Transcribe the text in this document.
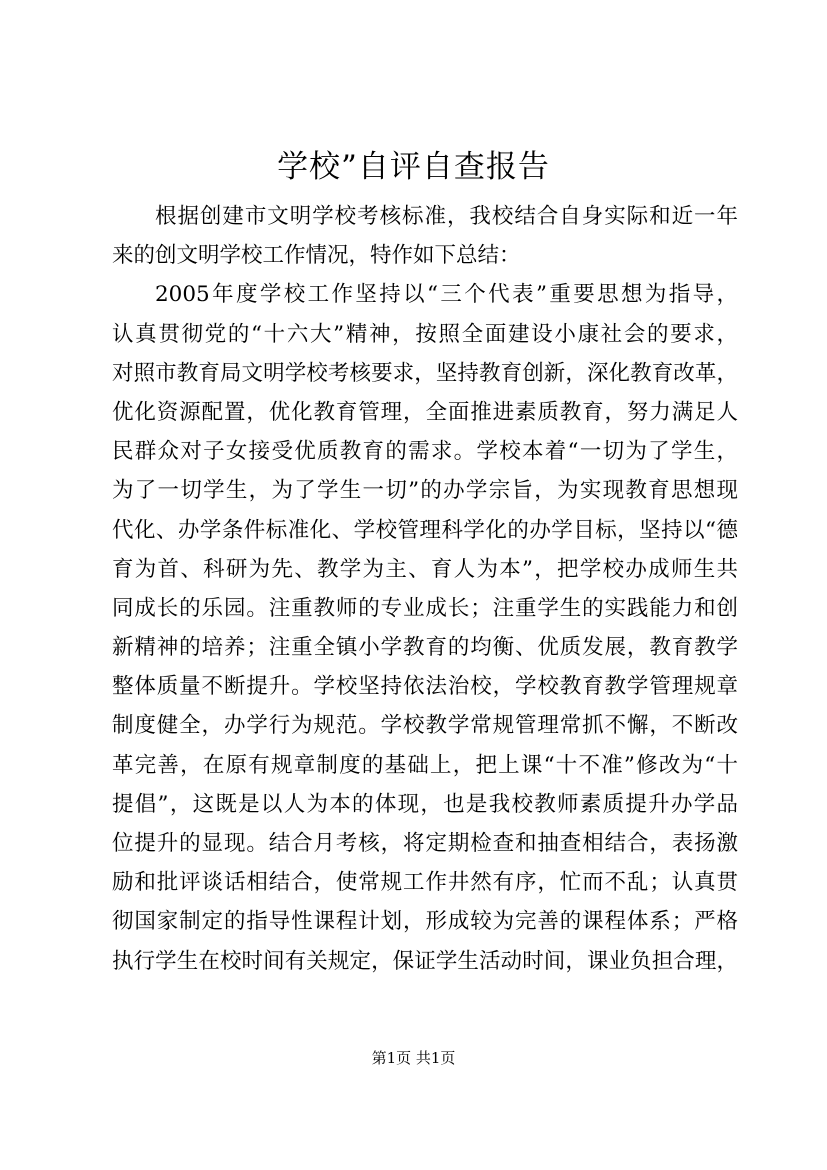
学校”自评自查报告
根据创建市文明学校考核标准，我校结合自身实际和近一年
来的创文明学校工作情况，特作如下总结：
2005年度学校工作坚持以“三个代表”重要思想为指导，
认真贯彻党的“十六大”精神，按照全面建设小康社会的要求，
对照市教育局文明学校考核要求，坚持教育创新，深化教育改革，
优化资源配置，优化教育管理，全面推进素质教育，努力满足人
民群众对子女接受优质教育的需求。学校本着“一切为了学生，
为了一切学生，为了学生一切”的办学宗旨，为实现教育思想现
代化、办学条件标准化、学校管理科学化的办学目标，坚持以“德
育为首、科研为先、教学为主、育人为本”，把学校办成师生共
同成长的乐园。注重教师的专业成长；注重学生的实践能力和创
新精神的培养；注重全镇小学教育的均衡、优质发展，教育教学
整体质量不断提升。学校坚持依法治校，学校教育教学管理规章
制度健全，办学行为规范。学校教学常规管理常抓不懈，不断改
革完善，在原有规章制度的基础上，把上课“十不准”修改为“十
提倡”，这既是以人为本的体现，也是我校教师素质提升办学品
位提升的显现。结合月考核，将定期检查和抽查相结合，表扬激
励和批评谈话相结合，使常规工作井然有序，忙而不乱；认真贯
彻国家制定的指导性课程计划，形成较为完善的课程体系；严格
执行学生在校时间有关规定，保证学生活动时间，课业负担合理，
第1页 共1页
